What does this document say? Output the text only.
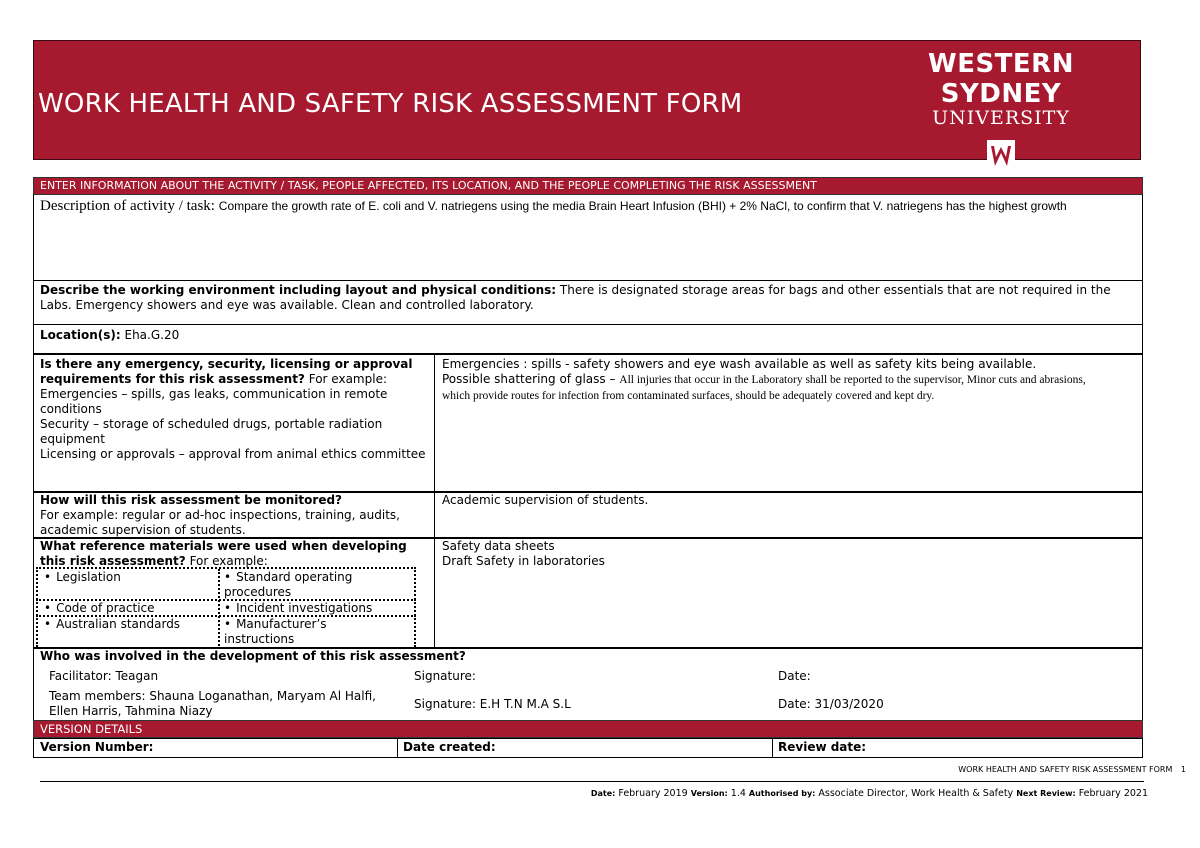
WORK HEALTH AND SAFETY RISK ASSESSMENT FORM
WESTERN SYDNEY
UNIVERSITY
ENTER INFORMATION ABOUT THE ACTIVITY / TASK, PEOPLE AFFECTED, ITS LOCATION, AND THE PEOPLE COMPLETING THE RISK ASSESSMENT
Description of activity / task: Compare the growth rate of E. coli and V. natriegens using the media Brain Heart Infusion (BHI) + 2% NaCl, to confirm that V. natriegens has the highest growth
Describe the working environment including layout and physical conditions: There is designated storage areas for bags and other essentials that are not required in the Labs. Emergency showers and eye was available. Clean and controlled laboratory.
Location(s): Eha.G.20
Is there any emergency, security, licensing or approval requirements for this risk assessment? For example:
Emergencies – spills, gas leaks, communication in remote conditions
Security – storage of scheduled drugs, portable radiation equipment
Licensing or approvals – approval from animal ethics committee
Emergencies : spills - safety showers and eye wash available as well as safety kits being available.
Possible shattering of glass – All injuries that occur in the Laboratory shall be reported to the supervisor, Minor cuts and abrasions, which provide routes for infection from contaminated surfaces, should be adequately covered and kept dry.
How will this risk assessment be monitored?
For example: regular or ad-hoc inspections, training, audits, academic supervision of students.
Academic supervision of students.
What reference materials were used when developing this risk assessment? For example:
• Legislation
• Code of practice
• Australian standards
• Standard operating procedures
• Incident investigations
• Manufacturer’s instructions
Safety data sheets
Draft Safety in laboratories
Who was involved in the development of this risk assessment?
Facilitator: Teagan	Signature:	Date:
Team members: Shauna Loganathan, Maryam Al Halfi, Ellen Harris, Tahmina Niazy	Signature: E.H T.N M.A S.L	Date: 31/03/2020
VERSION DETAILS
Version Number:	Date created:	Review date:
WORK HEALTH AND SAFETY RISK ASSESSMENT FORM 1
Date: February 2019 Version: 1.4 Authorised by: Associate Director, Work Health & Safety Next Review: February 2021
